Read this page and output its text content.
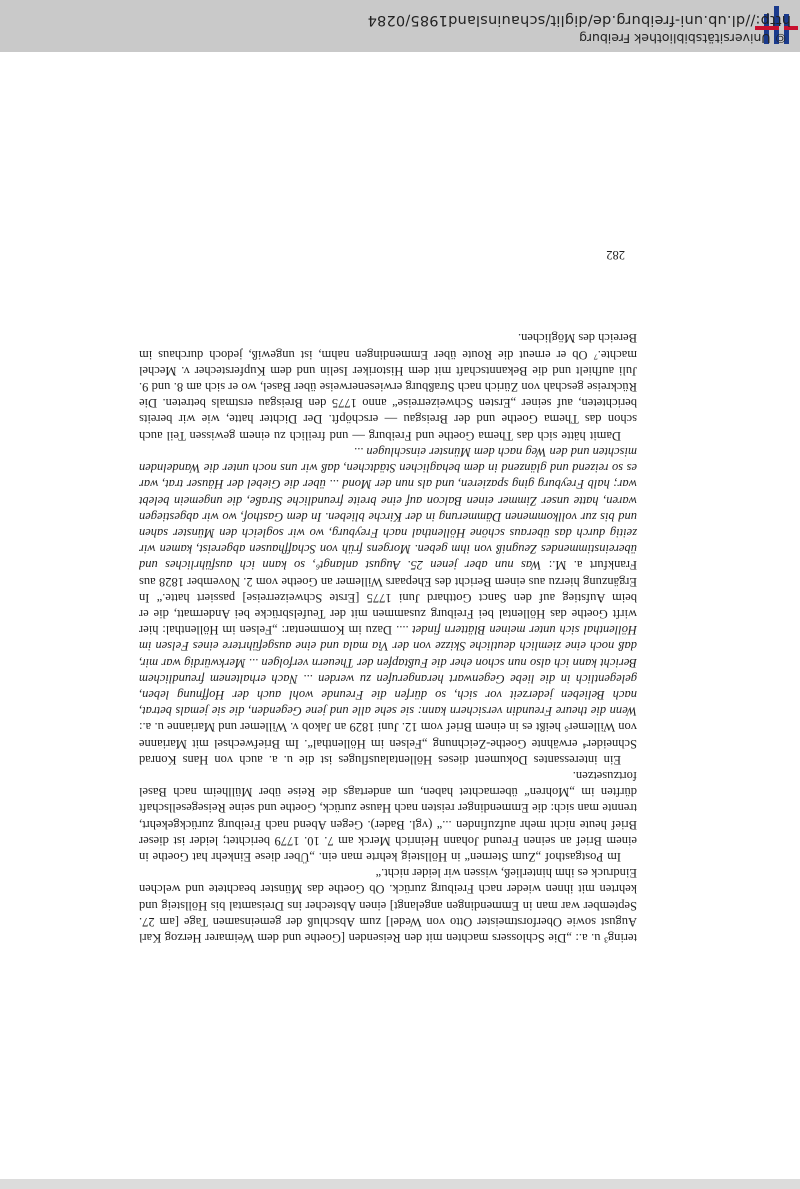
tering³ u. a.: „Die Schlossers machten mit den Reisenden [Goethe und dem Weimarer Herzog Karl August sowie Oberforstmeister Otto von Wedel] zum Abschluß der gemeinsamen Tage [am 27. September war man in Emmendingen angelangt] einen Abstecher ins Dreisamtal bis Höllsteig und kehrten mit ihnen wieder nach Freiburg zurück. Ob Goethe das Münster beachtete und welchen Eindruck es ihm hinterließ, wissen wir leider nicht.“

Im Postgasthof „Zum Sternen“ in Höllsteig kehrte man ein. „Über diese Einkehr hat Goethe in einem Brief an seinen Freund Johann Heinrich Merck am 7. 10. 1779 berichtet; leider ist dieser Brief heute nicht mehr aufzufinden ...“ (vgl. Bader). Gegen Abend nach Freiburg zurückgekehrt, trennte man sich: die Emmendinger reisten nach Hause zurück, Goethe und seine Reisegesellschaft dürften im „Mohren“ übernachtet haben, um andertags die Reise über Müllheim nach Basel fortzusetzen.

Ein interessantes Dokument dieses Höllentalausfluges ist die u. a. auch von Hans Konrad Schneider⁴ erwähnte Goethe-Zeichnung „Felsen im Höllenthal“. Im Briefwechsel mit Marianne von Willemer⁵ heißt es in einem Brief vom 12. Juni 1829 an Jakob v. Willemer und Marianne u. a.: Wenn die theure Freundin versichern kann: sie sehe alle und jene Gegenden, die sie jemals betrat, nach Belieben jederzeit vor sich, so dürfen die Freunde wohl auch der Hoffnung leben, gelegentlich in die liebe Gegenwart herangerufen zu werden ... Nach erhaltenem freundlichem Bericht kann ich also nun schon eher die Fußtapfen der Theuern verfolgen ... Merkwürdig war mir, daß noch eine ziemlich deutliche Skizze von der Via mala und eine ausgeführtere eines Felsen im Höllenthal sich unter meinen Blättern findet .... Dazu im Kommentar: „Felsen im Höllenthal: hier wirft Goethe das Höllental bei Freiburg zusammen mit der Teufelsbrücke bei Andermatt, die er beim Aufstieg auf den Sanct Gotthard Juni 1775 [Erste Schweizerreise] passiert hatte.“ In Ergänzung hierzu aus einem Bericht des Ehepaars Willemer an Goethe vom 2. November 1828 aus Frankfurt a. M.: Was nun aber jenen 25. August anlangt⁶, so kann ich ausführliches und übereinstimmendes Zeugniß von ihm geben. Morgens früh von Schaffhausen abgereist, kamen wir zeitig durch das überaus schöne Höllenthal nach Freyburg, wo wir sogleich den Münster sahen und bis zur vollkommenen Dämmerung in der Kirche blieben. In dem Gasthof, wo wir abgestiegen waren, hatte unser Zimmer einen Balcon auf eine breite freundliche Straße, die ungemein belebt war; halb Freyburg ging spazieren, und als nun der Mond ... über die Giebel der Häuser trat, war es so reizend und glänzend in dem behaglichen Städtchen, daß wir uns noch unter die Wandelnden mischten und den Weg nach dem Münster einschlugen ...

Damit hätte sich das Thema Goethe und Freiburg — und freilich zu einem gewissen Teil auch schon das Thema Goethe und der Breisgau — erschöpft. Der Dichter hatte, wie wir bereits berichteten, auf seiner „Ersten Schweizerreise“ anno 1775 den Breisgau erstmals betreten. Die Rückreise geschah von Zürich nach Straßburg erwiesenerweise über Basel, wo er sich am 8. und 9. Juli aufhielt und die Bekanntschaft mit dem Historiker Iselin und dem Kupferstecher v. Mechel machte.⁷ Ob er erneut die Route über Emmendingen nahm, ist ungewiß, jedoch durchaus im Bereich des Möglichen.

282
© Universitätsbibliothek Freiburg
http://dl.ub.uni-freiburg.de/diglit/schauinsland1985/0284
